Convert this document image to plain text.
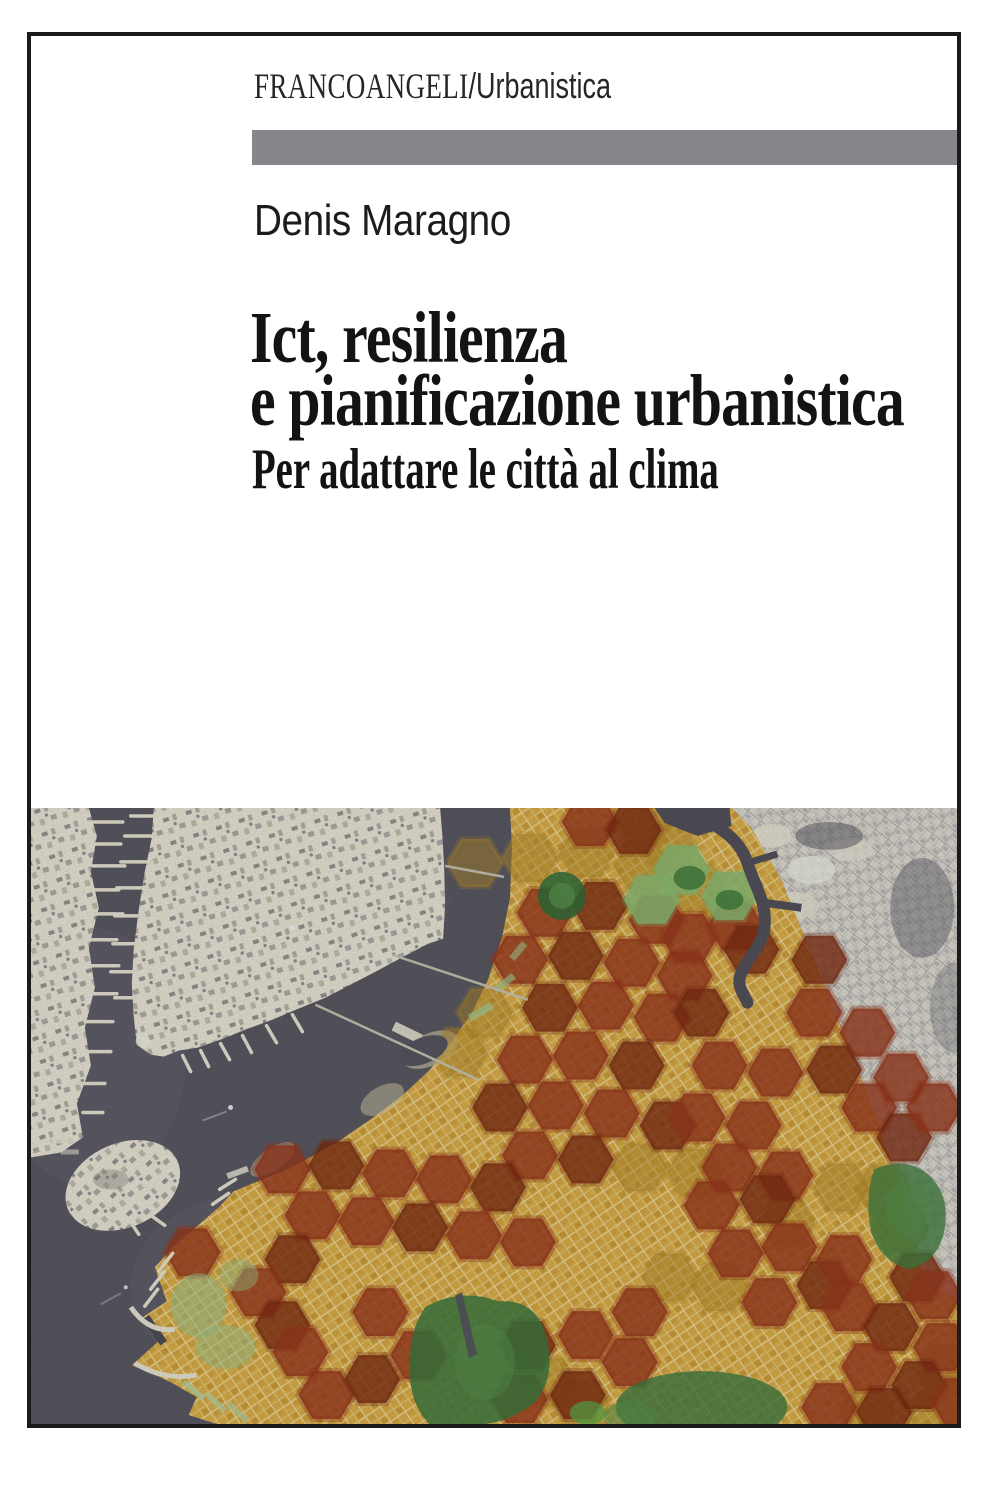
FRANCOANGELI/Urbanistica
Denis Maragno
Ict, resilienza
e pianificazione urbanistica
Per adattare le città al clima
